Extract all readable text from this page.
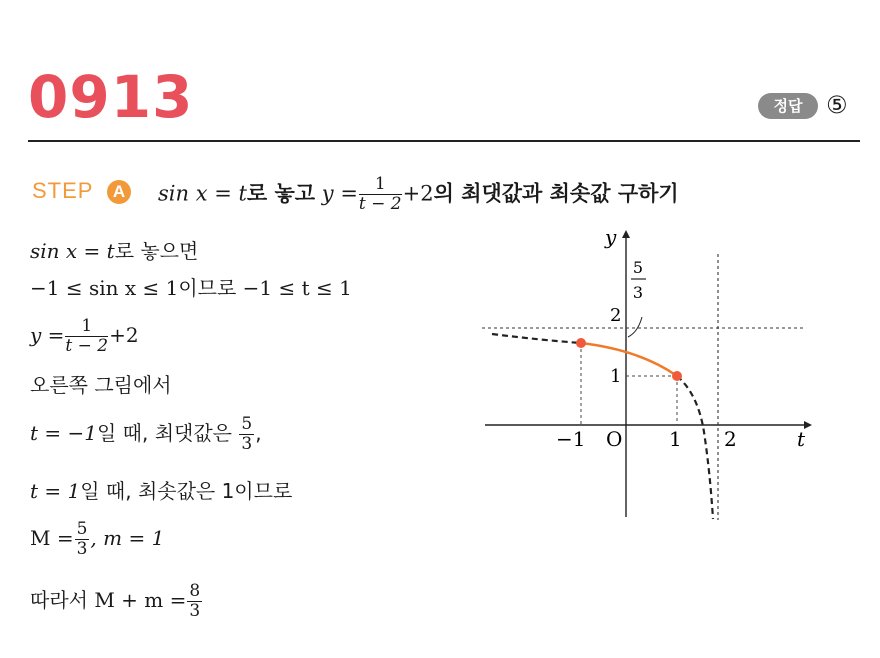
0913	정답 ⑤
STEP	A sin x = t로 놓고 $y = \frac{1}{t - 2} +2$의 최댓값과 최솟값 구하기
sin x = t로 놓으면
−1 ≤ sin x ≤ 1이므로 −1 ≤ t ≤ 1
$y = \frac{1}{t - 2} +2$
오른쪽 그림에서
t = −1일 때, 최댓값은 $\frac{5}{3}$ ,
t = 1일 때, 최솟값은 1이므로
$M = \frac{5}{3}$ , m = 1
따라서 $M + m = \frac{8}{3}$
y
t
O
−1	1 2
2
1
5
3
